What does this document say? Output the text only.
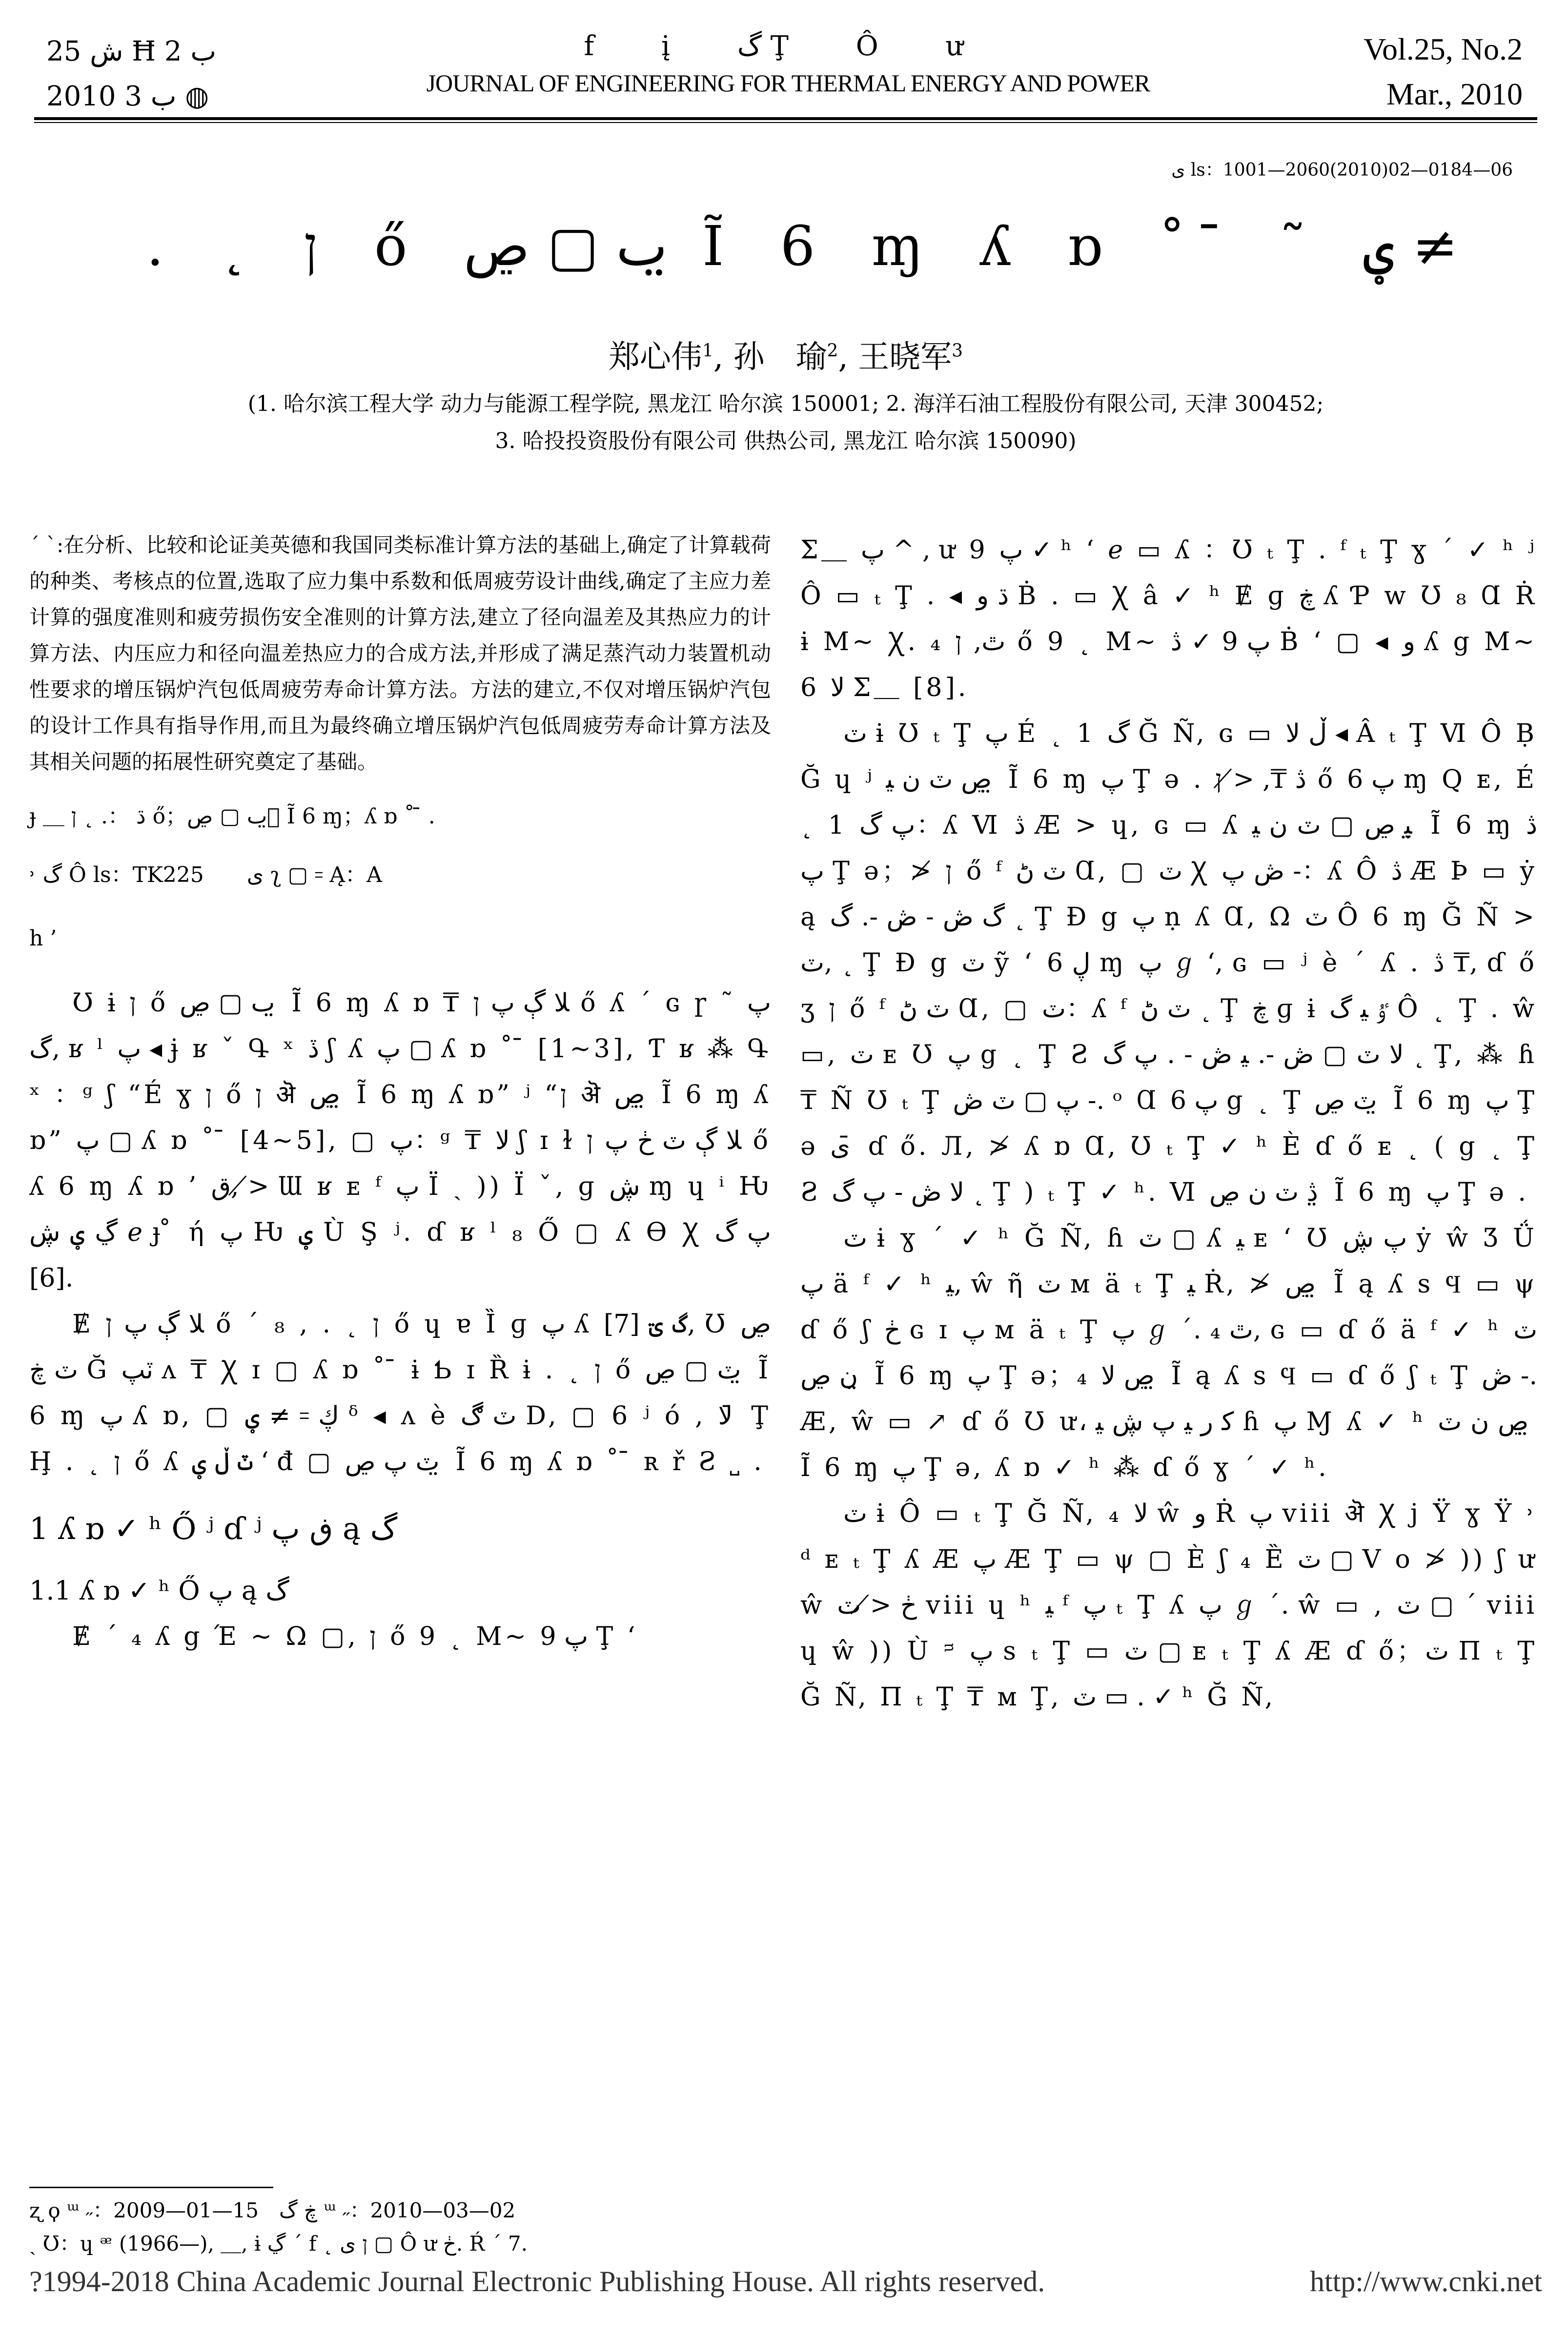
ش 25 Ħ ب 2
2010 ب 3 ◍
f į گ Ţ Ô ư
JOURNAL OF ENGINEERING FOR THERMAL ENERGY AND POWER
Vol.25, No.2
Mar., 2010
ى ls：1001—2060(2010)02—0184—06
. ˛ ן ő ٮ ▢ ڝ ̤ Ĩ 6 ɱ ʎ ɒ ˚ ̄ ˜ ؠ ≠
郑心伟$^1$, 孙　瑜$^2$, 王晓军$^3$
(1. 哈尔滨工程大学 动力与能源工程学院, 黑龙江 哈尔滨 150001; 2. 海洋石油工程股份有限公司, 天津 300452;
3. 哈投投资股份有限公司 供热公司, 黑龙江 哈尔滨 150090)
ˊ ˋ:在分析、比较和论证美英德和我国同类标准计算方法的基础上,确定了计算载荷的种类、考核点的位置,选取了应力集中系数和低周疲劳设计曲线,确定了主应力差计算的强度准则和疲劳损伤安全准则的计算方法,建立了径向温差及其热应力的计算方法、内压应力和径向温差热应力的合成方法,并形成了满足蒸汽动力装置机动性要求的增压锅炉汽包低周疲劳寿命计算方法。方法的建立,不仅对增压锅炉汽包的设计工作具有指导作用,而且为最终确立增压锅炉汽包低周疲劳寿命计算方法及其相关问题的拓展性研究奠定了基础。
ɟ ＿ ڌ ：. ˛ ן ő；ٮ ▢ ڝ；̤ Ĩ 6 ɱ；ʎ ɒ ˚ ̄ .
˒ گ Ô ls：TK225　　ى ʅ ▢ ꞊ Ą：A
h ’

Ʊ ɨ ן ő ٮ ▢ ڝ ̤ Ĩ 6 ɱ ʎ ɒ ₸ ﻼ ڳ پ ן ő ʎ ˊ ɢ ɼ ˜ پ گ, ʁ ˡ پ ◂ ɉ ʁ ˇ Գ ˣ ڏ ʃ ʎ پ ▢ ʎ ɒ ˚ ̄ [1~3], Ƭ ʁ ⁂ Գ ˣ ：ᵍ ʃ “É ɣ ן ő ן ऄ ڝ ̤ Ĩ 6 ɱ ʎ ɒ” ʲ “ן ऄ ڝ ̤ Ĩ 6 ɱ ʎ ɒ” پ ▢ ʎ ɒ ˚ ̄ [4~5], ▢ پ：ᵍ ₸ ﻻ ʃ ɪ ɫ ﻼ ڳ ٽ ڂ پ ן ő ʎ 6 ɱ ʎ ɒ ’ ق, ≯ Ɯ ʁ ᴇ ᶠ پ Ï ˎ )) Ï ˇ, ɡ ڜ ɱ ɥ ⁱ Ƕ ڲ ؠ ڜ ℯ ɟ ̊ ή پ Ƕ ؠ Ù Ş ʲ. ɗ ʁ ˡ ₈ Ő ▢ ʎ ϴ Ꭓ پ گ [6].

Ɇ ﻼ ڳ پ ן ő ˊ ₈ , . ˛ ן ő ɥ ɐ Ȉ ɡ پ ʎ گ ؾ [7], Ʊ ڝ ٽ ڿ Ğ ٽپ ʌ ₸ Ꭓ ɪ ▢ ʎ ɒ ˚ ̄ ɨ Ƅ ɪ Ȑ ɨ . ˛ ן ő ٽ ▢ ڝ ̤ Ĩ 6 ɱ پ ʎ ɒ, ▢ ؠ ≠ ꞊ ڮ ᵟ ◂ ʌ è ٽ ڰ D, ▢ 6 ʲ ó , ﻻ ̄ Ţ Ḩ . ˛ ן ő ʎ ٽ ڵ ؠ ʻ đ ▢ ٽ پ ڝ ̤ Ĩ 6 ɱ ʎ ɒ ˚ ̄ ʀ ř Ƨ ˽ .

1 ʎ ɒ ✓ ʰ Ő ʲ ɗ ʲ ڧ پ ą گ
1.1 ʎ ɒ ✓ ʰ Ő پ ą گ

Ɇ ˊ ₄ ʎ g Έ ~ Ω ▢, ן ő 9 ˛ M~ پ 9 Ţ ʻ

Σ＿ پ ^ , ư 9 پ ✓ ʰ ʻ ℯ ▭ ʎ ：Ʊ ₜ Ţ . ᶠ ₜ Ţ ɣ ˊ ✓ ʰ ʲ Ô ▭ ₜ Ţ . ◂ ڌ و Ḃ . ▭ Ꭓ â ✓ ʰ Ɇ ɡ ڿ ʎ Ƥ w Ʊ ₈ Ɑ Ṙ ɨ M~ Ꭓ. ₄ ٿ, ן ő 9 ˛ M~ پ 9 ✓ ڎ Ḃ ʻ ▢ ◂ و ʎ g M~ 6 ﻻ Σ＿ [8].

ٽ ɨ Ʊ ₜ Ţ پ É ˛ 1 گ Ğ Ñ, ɢ ▭ ڵ ﻻ ◂ Â ₜ Ţ Ⅵ Ô Ḅ Ğ ɥ ʲ ڝ ٽ ﻥ ﻴ ̤ Ĩ 6 ɱ پ Ţ ə . ڎ ₸, ≯ ן ő پ 6 ɱ Q ᴇ, É ˛ 1 پ گ：ʎ Ⅵ ڎ Æ > ɥ, ɢ ▭ ʎ ﻴ ڝ ▢ ٽ ﻥ ﻴ ̤ Ĩ 6 ɱ ڎ پ Ţ ə；≯ ן ő ᶠ ٽ ڻ Ɑ, ▢ ٽ Ꭓ ڞ پ -：ʎ Ô ڎ Æ Þ ▭ ẏ ą گ ڞ ˗ ڞ -. گ ˛ Ţ Ɖ g پ ṇ ʎ Ɑ, Ω ٽ Ô 6 ɱ Ğ Ñ > ٽ, ˛ Ţ Ɖ g ٽ ỹ ʻ ڸ 6 ɱ پ ℊ ʻ, ɢ ▭ ʲ è ˊ ʎ . ڎ ₸, ɗ ő ʒ ן ő ᶠ ٽ ڻ Ɑ, ▢ ٽ：ʎ ᶠ ٽ ڻ ˛ Ţ ڿ ɡ ɨ ﯝ ﻴ گ Ô ˛ Ţ . ŵ ▭, ٽ ᴇ Ʊ پ g ˛ Ţ Ƨ ﻻ ٽ ▢ ڞ -. ﻴ ڞ - . پ گ ˛ Ţ, ⁂ ɦ ₸ Ñ Ʊ ₜ Ţ پ ▢ ٽ ڞ -. ᵒ Ɑ پ 6 g ˛ Ţ ٽ ڝ ̤ Ĩ 6 ɱ پ Ţ ə ی ̄ ɗ ő. Л, ≯ ʎ ɒ Ɑ, Ʊ ₜ Ţ ✓ ʰ È ɗ ő ᴇ ˛ ( g ˛ Ţ Ƨ ﻻ ڞ - پ گ ˛ Ţ ) ₜ Ţ ✓ ʰ. Ⅵ ڎ ٽ ﻥ ڝ ̤ Ĩ 6 ɱ پ Ţ ə .

ٽ ɨ ɣ ˊ ✓ ʰ Ğ Ñ, ɦ ٽ ▢ ʎ ﻴ ᴇ ʻ Ʊ پ ڜ ẏ ŵ Ʒ Ǘ پ ä ᶠ ✓ ʰ ﻴ, ŵ ῆ ٽ ᴍ ä ₜ Ţ ﻴ Ṙ, ≯ ڝ ̤ Ĩ ą ʎ s Ϥ ▭ ψ ɗ ő ʃ ڂ ɢ ɪ پ ᴍ ä ₜ Ţ پ ℊ ˊ. ₄ ٿ, ɢ ▭ ɗ ő ä ᶠ ✓ ʰ ٽ ﻥ ڝ ̤ Ĩ 6 ɱ پ Ţ ə；₄ ڝ ﻻ ̤ Ĩ ą ʎ s Ϥ ▭ ɗ ő ʃ ₜ Ţ ڞ -. Æ, ŵ ▭ ↗ ɗ ő Ʊ ư، ﮐ ﺭ ﻴ پ ڜ ﻴ ɦ پ Ɱ ʎ ✓ ʰ ڝ ﻥ ٽ ̤ Ĩ 6 ɱ پ Ţ ə, ʎ ɒ ✓ ʰ ⁂ ɗ ő ɣ ˊ ✓ ʰ.

ٽ ɨ Ô ▭ ₜ Ţ Ğ Ñ, ₄ ﻻ ŵ و Ṙ پ viii ऄ Ꭓ j Ÿ ɣ Ÿ ˒ ᵈ ᴇ ₜ Ţ ʎ Æ پ Æ Ţ ▭ ψ ▢ È ʃ ₄ Ȅ ٽ ▢ V o ≯ )) ʃ ư ŵ ڂ ≯ ٽ viii ɥ ʰ ﻴ ᶠ پ ₜ Ţ ʎ پ ℊ ˊ. ŵ ▭ , ٽ ▢ ˊ viii ɥ ŵ )) Ù ᵙ پ s ₜ Ţ ▭ ٽ ▢ ᴇ ₜ Ţ ʎ Æ ɗ ő；ٽ Π ₜ Ţ Ğ Ñ, Π ₜ Ţ ₸ ᴍ Ţ, ٽ ▭ . ✓ ʰ Ğ Ñ,

ʐ ϙ ᵚ ˶：2009—01—15　ڿ گ ᵚ ˶：2010—03—02
ˏ Ʊ：ɥ ᵆ (1966—), ＿, ɨ ڲ ˊ f ˛ ן ى ▢ Ô ư ڂ. Ŕ ˊ 7.
?1994-2018 China Academic Journal Electronic Publishing House. All rights reserved.	http://www.cnki.net
